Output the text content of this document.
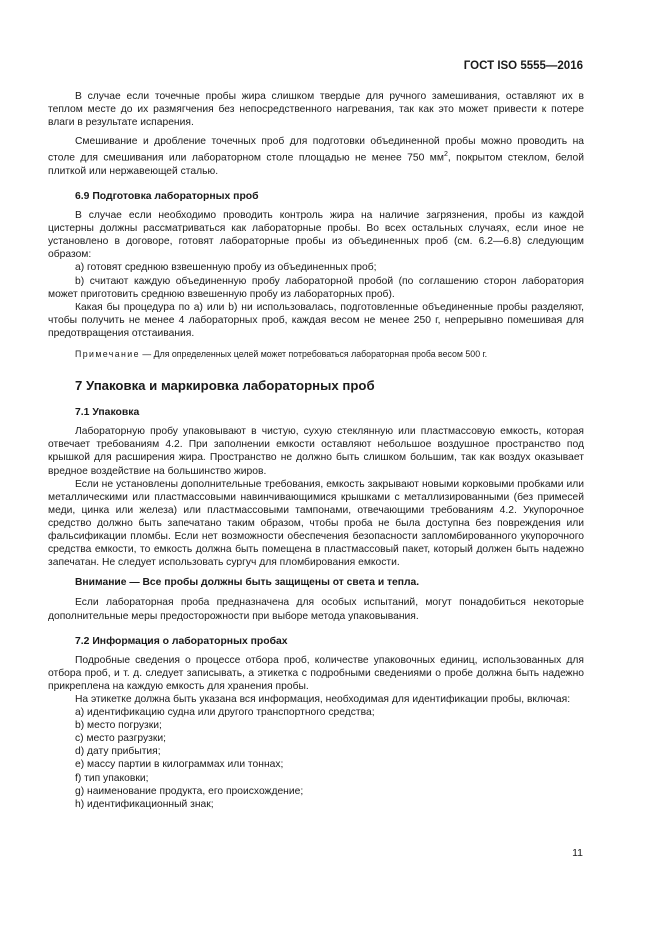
ГОСТ ISO 5555—2016

В случае если точечные пробы жира слишком твердые для ручного замешивания, оставляют их в теплом месте до их размягчения без непосредственного нагревания, так как это может привести к потере влаги в результате испарения.

Смешивание и дробление точечных проб для подготовки объединенной пробы можно проводить на столе для смешивания или лабораторном столе площадью не менее 750 $мм^2$, покрытом стеклом, белой плиткой или нержавеющей сталью.

6.9 Подготовка лабораторных проб

В случае если необходимо проводить контроль жира на наличие загрязнения, пробы из каждой цистерны должны рассматриваться как лабораторные пробы. Во всех остальных случаях, если иное не установлено в договоре, готовят лабораторные пробы из объединенных проб (см. 6.2—6.8) следующим образом:

a) готовят среднюю взвешенную пробу из объединенных проб;

b) считают каждую объединенную пробу лабораторной пробой (по соглашению сторон лаборатория может приготовить среднюю взвешенную пробу из лабораторных проб).

Какая бы процедура по a) или b) ни использовалась, подготовленные объединенные пробы разделяют, чтобы получить не менее 4 лабораторных проб, каждая весом не менее 250 г, непрерывно помешивая для предотвращения отстаивания.

Примечание — Для определенных целей может потребоваться лабораторная проба весом 500 г.

7 Упаковка и маркировка лабораторных проб
7.1 Упаковка

Лабораторную пробу упаковывают в чистую, сухую стеклянную или пластмассовую емкость, которая отвечает требованиям 4.2. При заполнении емкости оставляют небольшое воздушное пространство под крышкой для расширения жира. Пространство не должно быть слишком большим, так как воздух оказывает вредное воздействие на большинство жиров.

Если не установлены дополнительные требования, емкость закрывают новыми корковыми пробками или металлическими или пластмассовыми навинчивающимися крышками с металлизированными (без примесей меди, цинка или железа) или пластмассовыми тампонами, отвечающими требованиям 4.2. Укупорочное средство должно быть запечатано таким образом, чтобы проба не была доступна без повреждения или фальсификации пломбы. Если нет возможности обеспечения безопасности запломбированного укупорочного средства емкости, то емкость должна быть помещена в пластмассовый пакет, который должен быть надежно запечатан. Не следует использовать сургуч для пломбирования емкости.

Внимание — Все пробы должны быть защищены от света и тепла.

Если лабораторная проба предназначена для особых испытаний, могут понадобиться некоторые дополнительные меры предосторожности при выборе метода упаковывания.

7.2 Информация о лабораторных пробах

Подробные сведения о процессе отбора проб, количестве упаковочных единиц, использованных для отбора проб, и т. д. следует записывать, а этикетка с подробными сведениями о пробе должна быть надежно прикреплена на каждую емкость для хранения пробы.

На этикетке должна быть указана вся информация, необходимая для идентификации пробы, включая:

a) идентификацию судна или другого транспортного средства;

b) место погрузки;

c) место разгрузки;

d) дату прибытия;

e) массу партии в килограммах или тоннах;

f) тип упаковки;

g) наименование продукта, его происхождение;

h) идентификационный знак;

11
